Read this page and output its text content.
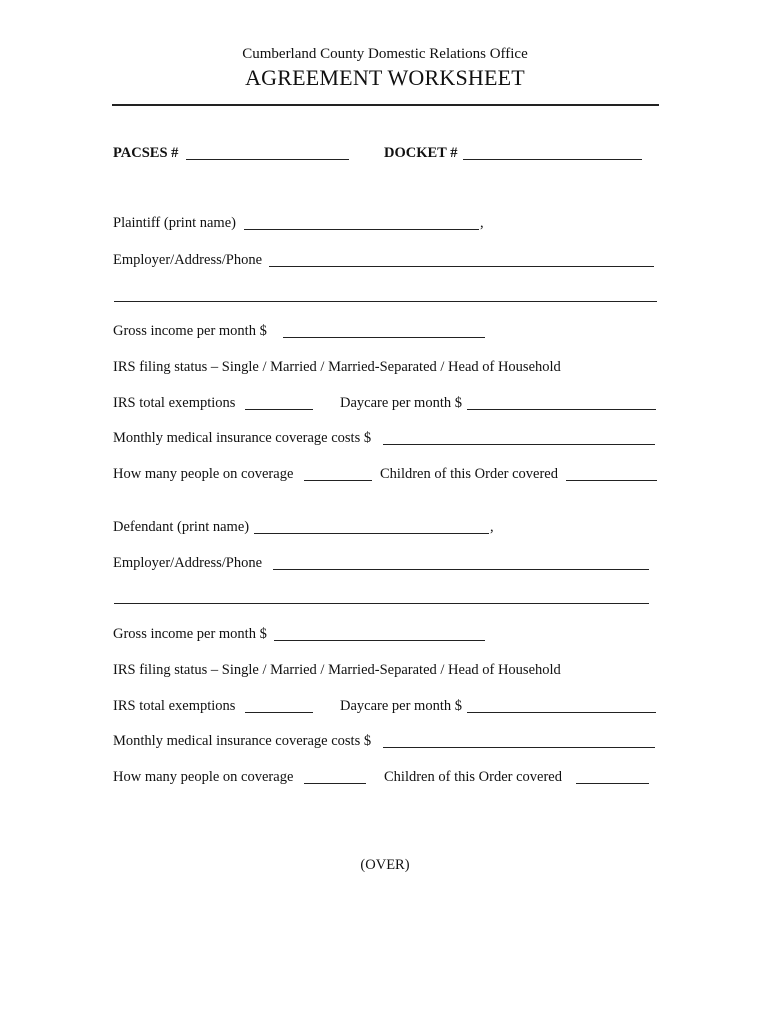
Cumberland County Domestic Relations Office
AGREEMENT WORKSHEET
PACSES #	DOCKET #
Plaintiff (print name)	,
Employer/Address/Phone
Gross income per month $
IRS filing status – Single / Married / Married-Separated / Head of Household
IRS total exemptions	Daycare per month $
Monthly medical insurance coverage costs $
How many people on coverage	Children of this Order covered
Defendant (print name)	,
Employer/Address/Phone
Gross income per month $
IRS filing status – Single / Married / Married-Separated / Head of Household
IRS total exemptions	Daycare per month $
Monthly medical insurance coverage costs $
How many people on coverage	Children of this Order covered
(OVER)
